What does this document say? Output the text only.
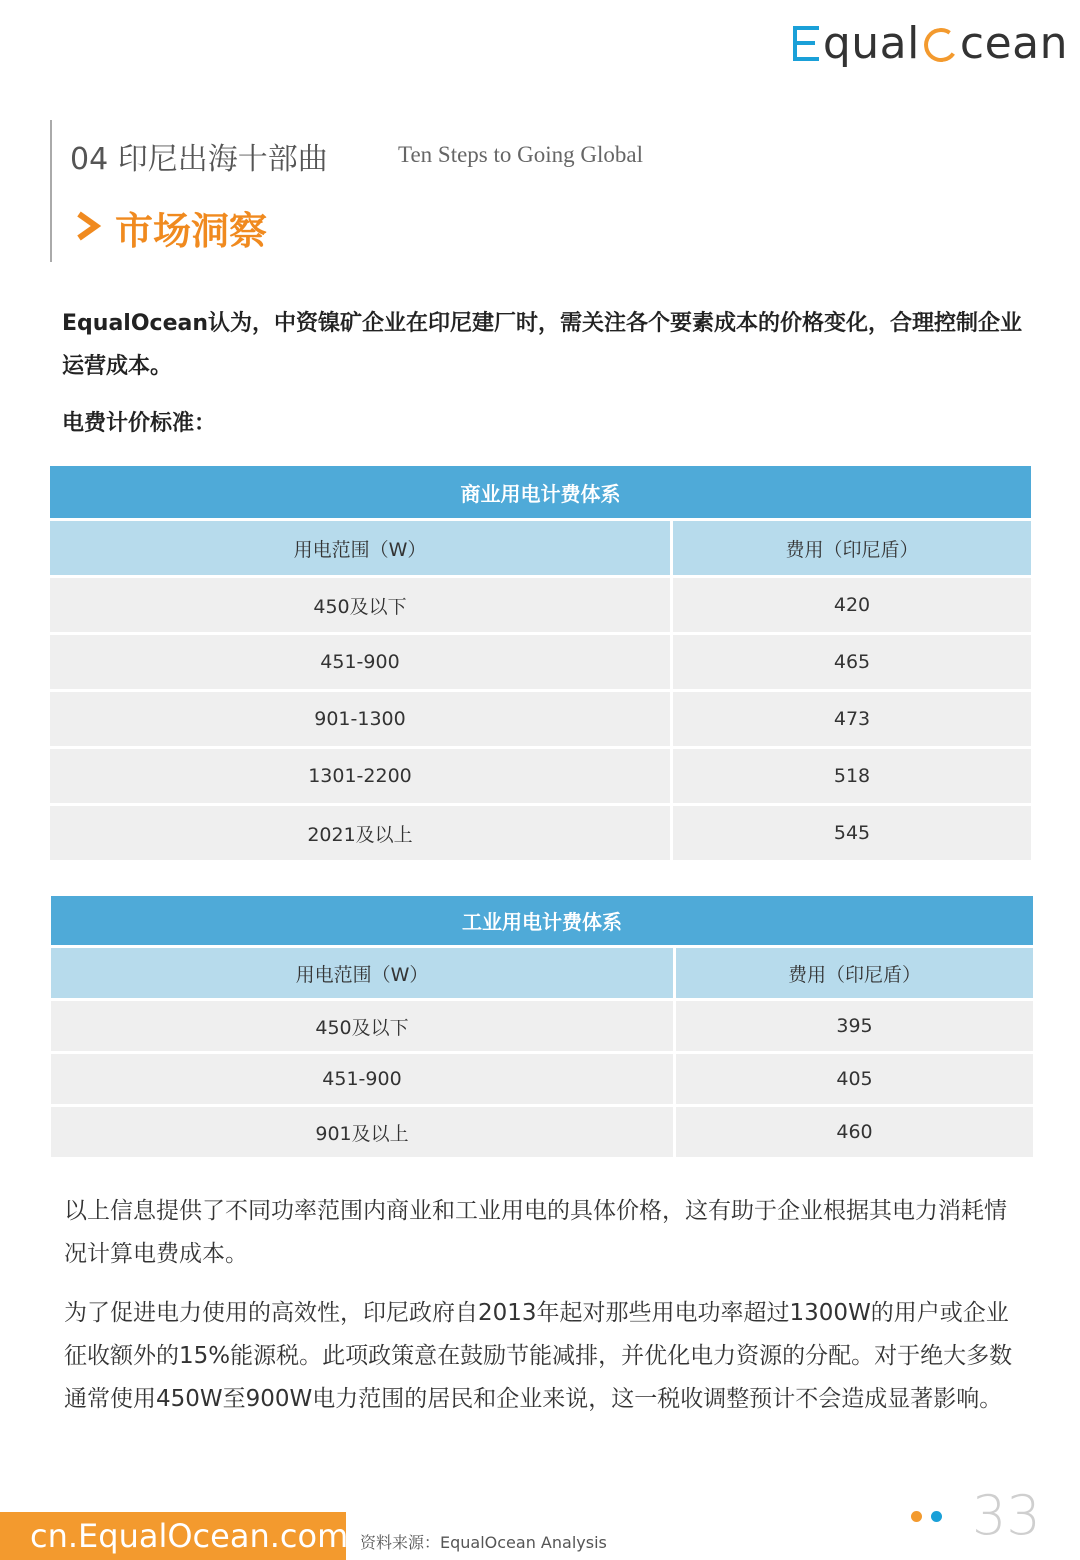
qual cean
04 印尼出海十部曲	Ten Steps to Going Global
市场洞察
EqualOcean认为，中资镍矿企业在印尼建厂时，需关注各个要素成本的价格变化，合理控制企业运营成本。
电费计价标准：
商业用电计费体系	
用电范围（W）	费用（印尼盾）
450及以下	420
451-900	465
901-1300	473
1301-2200	518
2021及以上	545
工业用电计费体系	
用电范围（W）	费用（印尼盾）
450及以下	395
451-900	405
901及以上	460
以上信息提供了不同功率范围内商业和工业用电的具体价格，这有助于企业根据其电力消耗情况计算电费成本。
为了促进电力使用的高效性，印尼政府自2013年起对那些用电功率超过1300W的用户或企业征收额外的15%能源税。此项政策意在鼓励节能减排，并优化电力资源的分配。对于绝大多数通常使用450W至900W电力范围的居民和企业来说，这一税收调整预计不会造成显著影响。
cn.EqualOcean.com 资料来源：EqualOcean Analysis	33
